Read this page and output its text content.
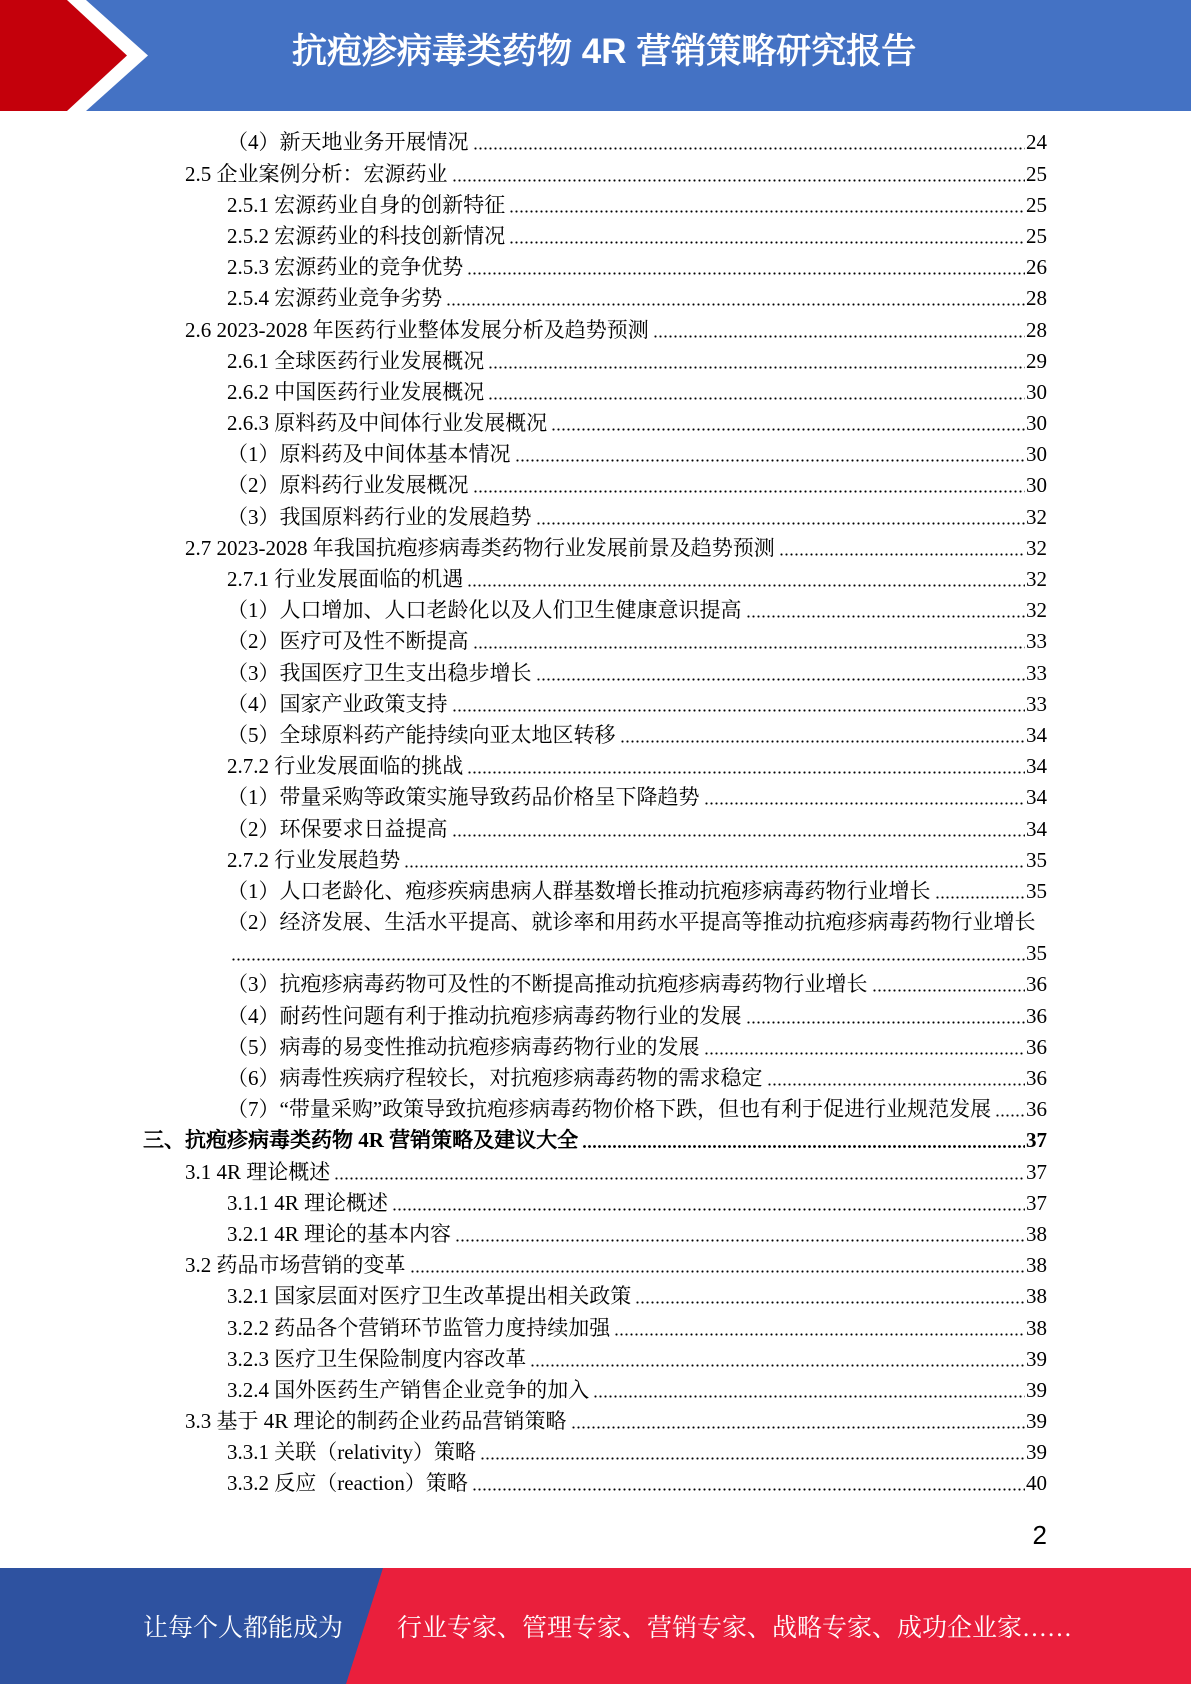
抗疱疹病毒类药物 4R 营销策略研究报告
（4）新天地业务开展情况	24
2.5 企业案例分析：宏源药业	25
2.5.1 宏源药业自身的创新特征	25
2.5.2 宏源药业的科技创新情况	25
2.5.3 宏源药业的竞争优势	26
2.5.4 宏源药业竞争劣势	28
2.6 2023-2028 年医药行业整体发展分析及趋势预测	28
2.6.1 全球医药行业发展概况	29
2.6.2 中国医药行业发展概况	30
2.6.3 原料药及中间体行业发展概况	30
（1）原料药及中间体基本情况	30
（2）原料药行业发展概况	30
（3）我国原料药行业的发展趋势	32
2.7 2023-2028 年我国抗疱疹病毒类药物行业发展前景及趋势预测	32
2.7.1 行业发展面临的机遇	32
（1）人口增加、人口老龄化以及人们卫生健康意识提高	32
（2）医疗可及性不断提高	33
（3）我国医疗卫生支出稳步增长	33
（4）国家产业政策支持	33
（5）全球原料药产能持续向亚太地区转移	34
2.7.2 行业发展面临的挑战	34
（1）带量采购等政策实施导致药品价格呈下降趋势	34
（2）环保要求日益提高	34
2.7.2 行业发展趋势	35
（1）人口老龄化、疱疹疾病患病人群基数增长推动抗疱疹病毒药物行业增长	35
（2）经济发展、生活水平提高、就诊率和用药水平提高等推动抗疱疹病毒药物行业增长
35
（3）抗疱疹病毒药物可及性的不断提高推动抗疱疹病毒药物行业增长	36
（4）耐药性问题有利于推动抗疱疹病毒药物行业的发展	36
（5）病毒的易变性推动抗疱疹病毒药物行业的发展	36
（6）病毒性疾病疗程较长，对抗疱疹病毒药物的需求稳定	36
（7）“带量采购”政策导致抗疱疹病毒药物价格下跌，但也有利于促进行业规范发展 36
三、抗疱疹病毒类药物 4R 营销策略及建议大全	37
3.1 4R 理论概述	37
3.1.1 4R 理论概述	37
3.2.1 4R 理论的基本内容	38
3.2 药品市场营销的变革	38
3.2.1 国家层面对医疗卫生改革提出相关政策	38
3.2.2 药品各个营销环节监管力度持续加强	38
3.2.3 医疗卫生保险制度内容改革	39
3.2.4 国外医药生产销售企业竞争的加入	39
3.3 基于 4R 理论的制药企业药品营销策略	39
3.3.1 关联（relativity）策略	39
3.3.2 反应（reaction）策略	40
2
让每个人都能成为 行业专家、管理专家、营销专家、战略专家、成功企业家……
